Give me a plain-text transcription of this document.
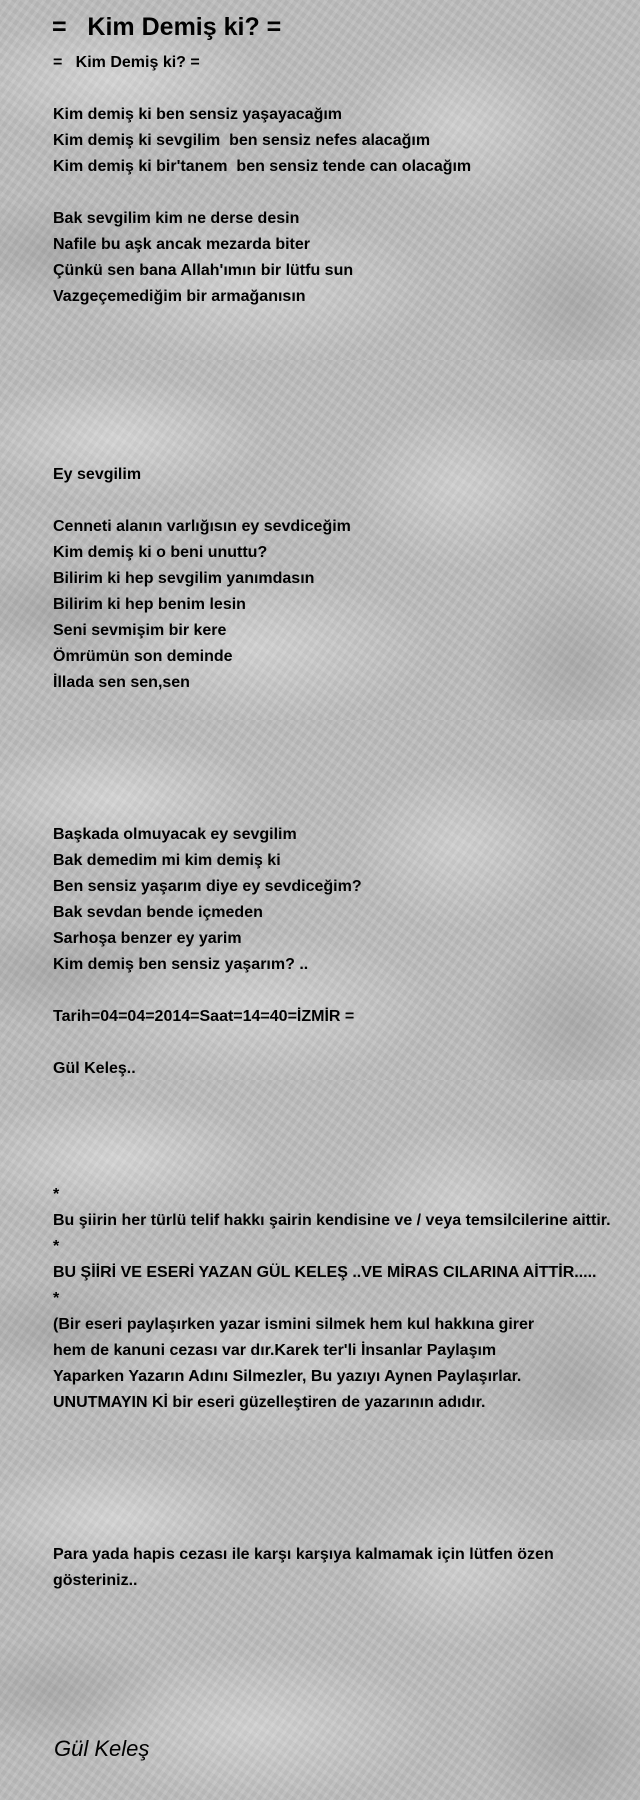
=   Kim Demiş ki? =
=   Kim Demiş ki? =
Kim demiş ki ben sensiz yaşayacağım
Kim demiş ki sevgilim  ben sensiz nefes alacağım
Kim demiş ki bir'tanem  ben sensiz tende can olacağım
Bak sevgilim kim ne derse desin
Nafile bu aşk ancak mezarda biter
Çünkü sen bana Allah'ımın bir lütfu sun
Vazgeçemediğim bir armağanısın
Ey sevgilim
Cenneti alanın varlığısın ey sevdiceğim
Kim demiş ki o beni unuttu?
Bilirim ki hep sevgilim yanımdasın
Bilirim ki hep benim lesin
Seni sevmişim bir kere
Ömrümün son deminde
İllada sen sen,sen
Başkada olmuyacak ey sevgilim
Bak demedim mi kim demiş ki
Ben sensiz yaşarım diye ey sevdiceğim?
Bak sevdan bende içmeden
Sarhoşa benzer ey yarim
Kim demiş ben sensiz yaşarım? ..
Tarih=04=04=2014=Saat=14=40=İZMİR =
Gül Keleş..
*
Bu şiirin her türlü telif hakkı şairin kendisine ve / veya temsilcilerine aittir.
*
BU ŞİİRİ VE ESERİ YAZAN GÜL KELEŞ ..VE MİRAS CILARINA AİTTİR.....
*
(Bir eseri paylaşırken yazar ismini silmek hem kul hakkına girer
hem de kanuni cezası var dır.Karek ter'li İnsanlar Paylaşım
Yaparken Yazarın Adını Silmezler, Bu yazıyı Aynen Paylaşırlar.
UNUTMAYIN Kİ bir eseri güzelleştiren de yazarının adıdır.
Para yada hapis cezası ile karşı karşıya kalmamak için lütfen özen gösteriniz..
Gül Keleş
